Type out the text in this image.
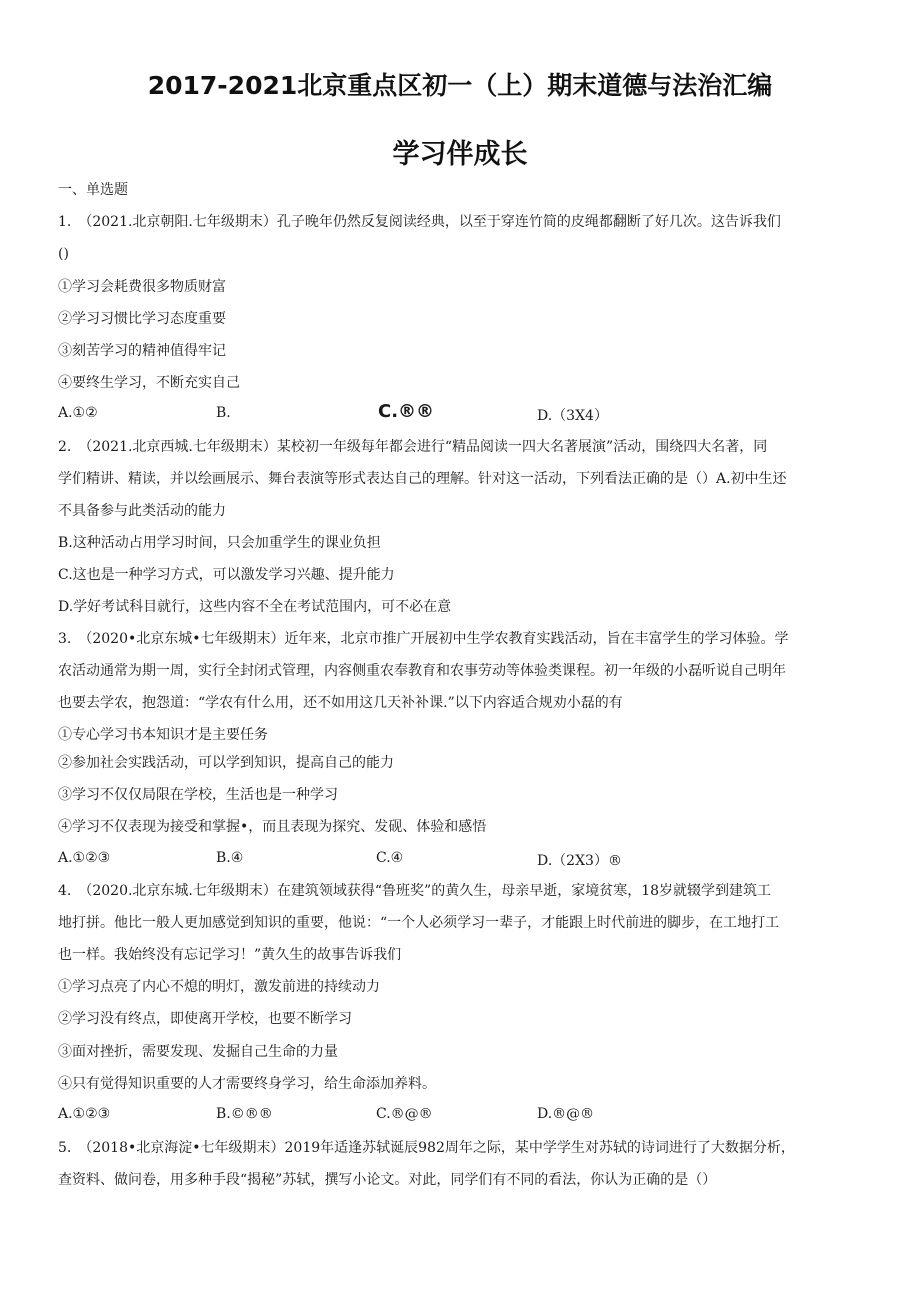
2017-2021北京重点区初一（上）期末道德与法治汇编
学习伴成长
一、单选题
1.　（2021.北京朝阳.七年级期末）孔子晚年仍然反复阅读经典，以至于穿连竹简的皮绳都翻断了好几次。这告诉我们
()
①学习会耗费很多物质财富
②学习习惯比学习态度重要
③刻苦学习的精神值得牢记
④要终生学习，不断充实自己
A.①②	B.	C.®®	D.（3X4）
2.　（2021.北京西城.七年级期末）某校初一年级每年都会进行“精品阅读一四大名著展演”活动，围绕四大名著，同
学们精讲、精读，并以绘画展示、舞台表演等形式表达自己的理解。针对这一活动，下列看法正确的是（）A.初中生还
不具备参与此类活动的能力
B.这种活动占用学习时间，只会加重学生的课业负担
C.这也是一种学习方式，可以激发学习兴趣、提升能力
D.学好考试科目就行，这些内容不全在考试范围内，可不必在意
3.　（2020•北京东城•七年级期末）近年来，北京市推广开展初中生学农教育实践活动，旨在丰富学生的学习体验。学
农活动通常为期一周，实行全封闭式管理，内容侧重农奉教育和农事劳动等体验类课程。初一年级的小磊听说自己明年
也要去学农，抱怨道：“学农有什么用，还不如用这几天补补课.”以下内容适合规劝小磊的有
①专心学习书本知识才是主要任务
②参加社会实践活动，可以学到知识，提高自己的能力
③学习不仅仅局限在学校，生活也是一种学习
④学习不仅表现为接受和掌握•，而且表现为探究、发砚、体验和感悟
A.①②③	B.④	C.④	D.（2X3）®
4.　（2020.北京东城.七年级期末）在建筑领域获得“鲁班奖”的黄久生，母亲早逝，家境贫寒，18岁就辍学到建筑工
地打拼。他比一般人更加感觉到知识的重要，他说：“一个人必须学习一辈子，才能跟上时代前进的脚步，在工地打工
也一样。我始终没有忘记学习！”黄久生的故事告诉我们
①学习点亮了内心不熄的明灯，激发前进的持续动力
②学习没有终点，即使离开学校，也要不断学习
③面对挫折，需要发现、发掘自己生命的力量
④只有觉得知识重要的人才需要终身学习，给生命添加养料。
A.①②③	B.©®®	C.®@®	D.®@®
5.　（2018•北京海淀•七年级期末）2019年适逢苏轼诞辰982周年之际，某中学学生对苏轼的诗词进行了大数据分析，
查资料、做问卷，用多种手段“揭秘”苏轼，撰写小论文。对此，同学们有不同的看法，你认为正确的是（）
